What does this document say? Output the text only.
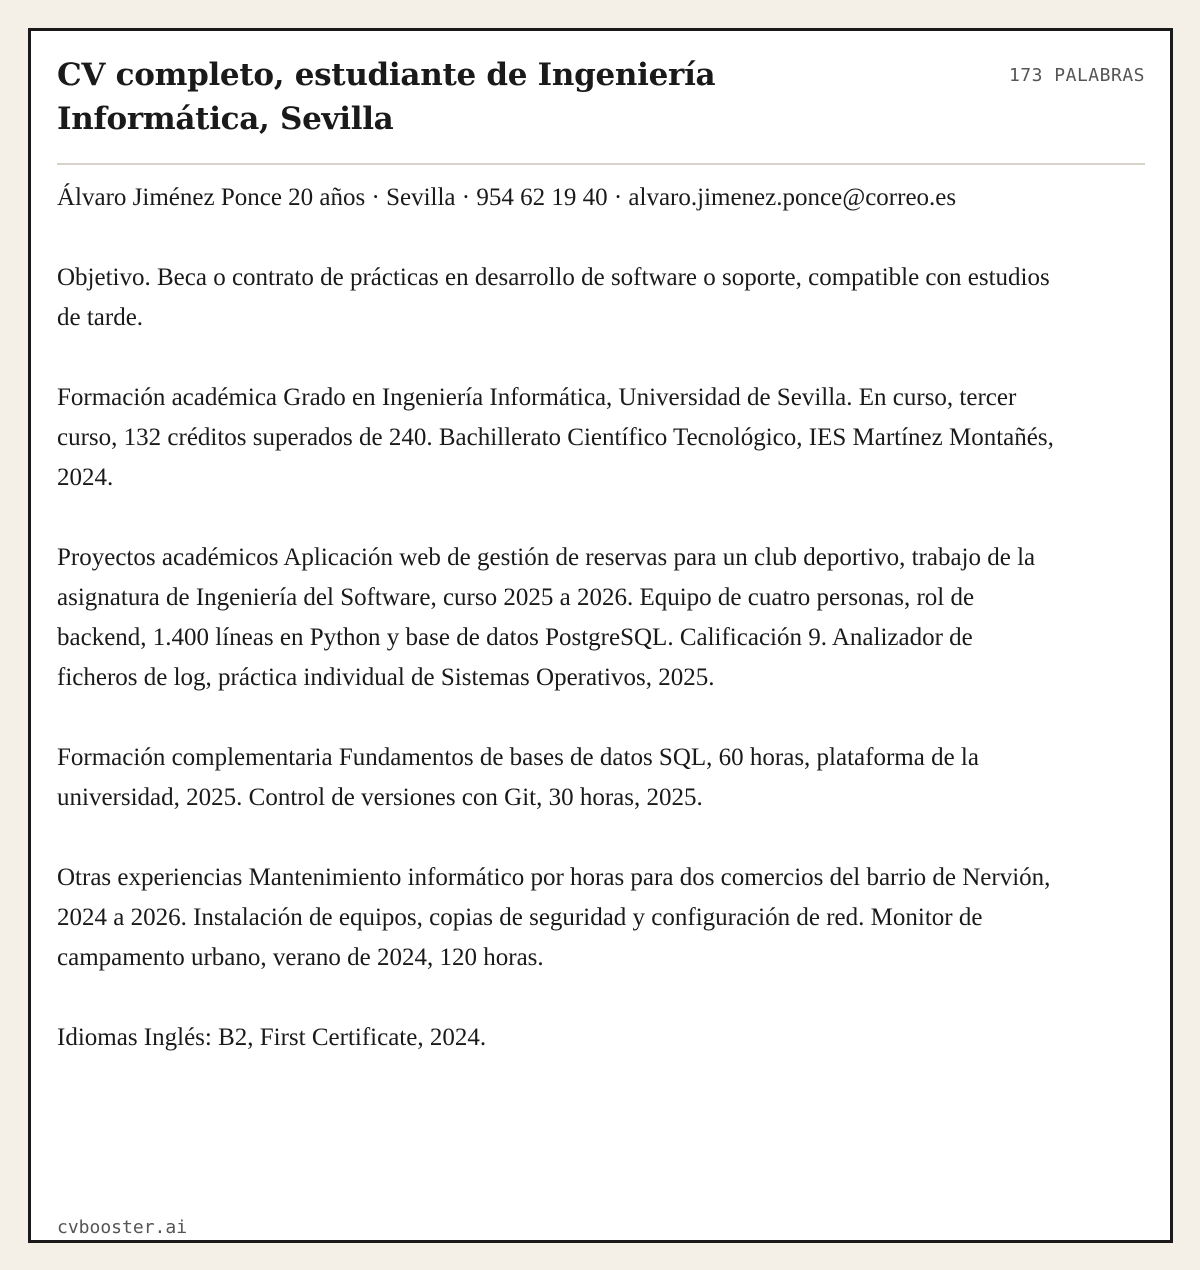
CV completo, estudiante de Ingeniería Informática, Sevilla
173 PALABRAS

Álvaro Jiménez Ponce 20 años · Sevilla · 954 62 19 40 · alvaro.jimenez.ponce@correo.es

Objetivo. Beca o contrato de prácticas en desarrollo de software o soporte, compatible con estudios de tarde.

Formación académica Grado en Ingeniería Informática, Universidad de Sevilla. En curso, tercer curso, 132 créditos superados de 240. Bachillerato Científico Tecnológico, IES Martínez Montañés, 2024.

Proyectos académicos Aplicación web de gestión de reservas para un club deportivo, trabajo de la asignatura de Ingeniería del Software, curso 2025 a 2026. Equipo de cuatro personas, rol de backend, 1.400 líneas en Python y base de datos PostgreSQL. Calificación 9. Analizador de ficheros de log, práctica individual de Sistemas Operativos, 2025.

Formación complementaria Fundamentos de bases de datos SQL, 60 horas, plataforma de la universidad, 2025. Control de versiones con Git, 30 horas, 2025.

Otras experiencias Mantenimiento informático por horas para dos comercios del barrio de Nervión, 2024 a 2026. Instalación de equipos, copias de seguridad y configuración de red. Monitor de campamento urbano, verano de 2024, 120 horas.

Idiomas Inglés: B2, First Certificate, 2024.

cvbooster.ai
